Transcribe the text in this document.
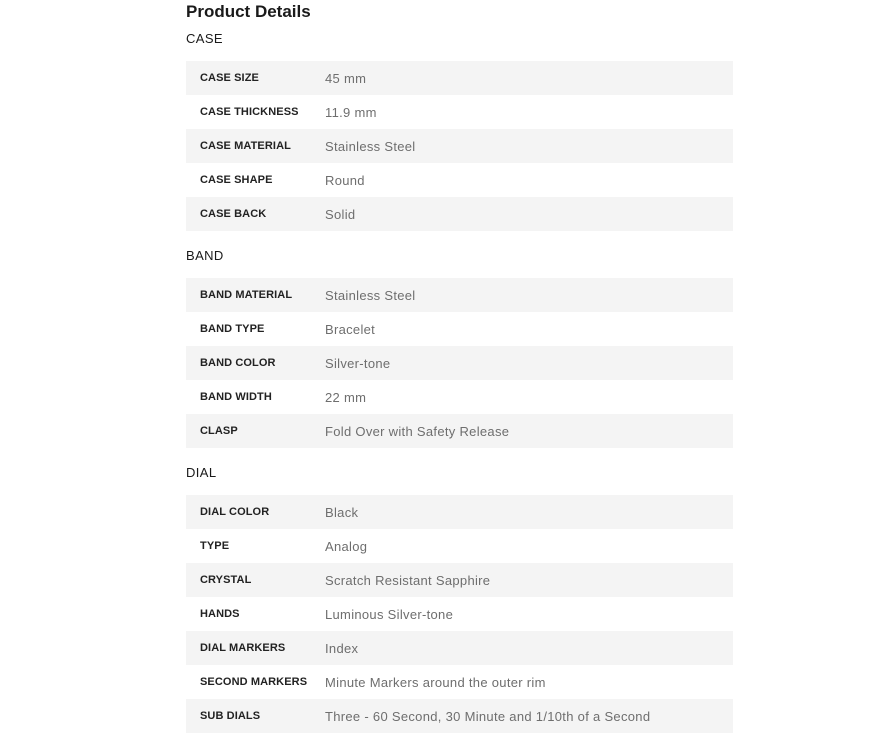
Product Details
CASE
CASE SIZE	45 mm
CASE THICKNESS	11.9 mm
CASE MATERIAL	Stainless Steel
CASE SHAPE	Round
CASE BACK	Solid
BAND
BAND MATERIAL	Stainless Steel
BAND TYPE	Bracelet
BAND COLOR	Silver-tone
BAND WIDTH	22 mm
CLASP	Fold Over with Safety Release
DIAL
DIAL COLOR	Black
TYPE	Analog
CRYSTAL	Scratch Resistant Sapphire
HANDS	Luminous Silver-tone
DIAL MARKERS	Index
SECOND MARKERS	Minute Markers around the outer rim
SUB DIALS	Three - 60 Second, 30 Minute and 1/10th of a Second
